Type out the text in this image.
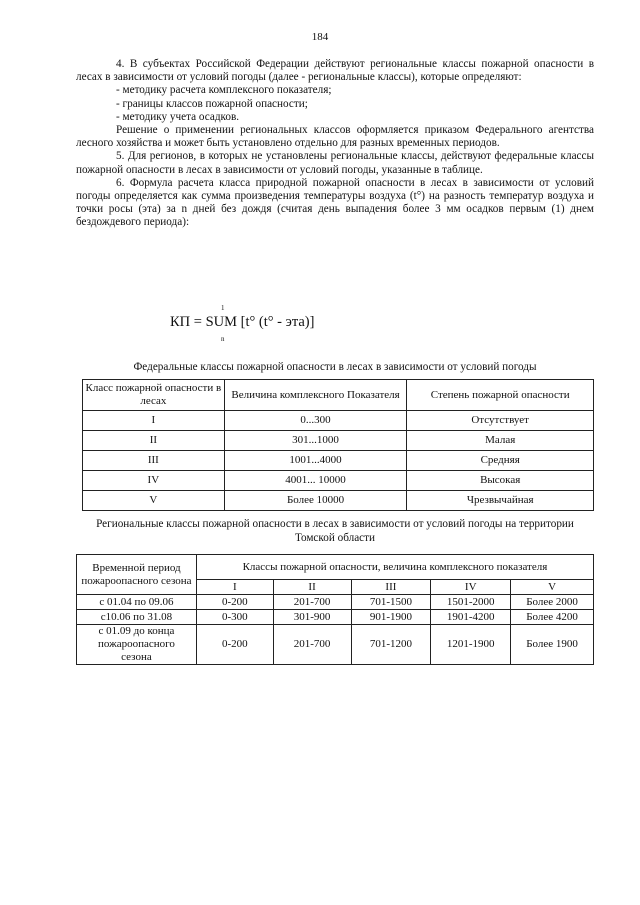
184

4. В субъектах Российской Федерации действуют региональные классы пожарной опасности в лесах в зависимости от условий погоды (далее - региональные классы), которые определяют:

- методику расчета комплексного показателя;

- границы классов пожарной опасности;

- методику учета осадков.

Решение о применении региональных классов оформляется приказом Федерального агентства лесного хозяйства и может быть установлено отдельно для разных временных периодов.

5. Для регионов, в которых не установлены региональные классы, действуют федеральные классы пожарной опасности в лесах в зависимости от условий погоды, указанные в таблице.

6. Формула расчета класса природной пожарной опасности в лесах в зависимости от условий погоды определяется как сумма произведения температуры воздуха (t°) на разность температур воздуха и точки росы (эта) за n дней без дождя (считая день выпадения более 3 мм осадков первым (1) днем бездождевого периода):

1
КП = SUM [t° (t° - эта)]
n
Федеральные классы пожарной опасности в лесах в зависимости от условий погоды
Класс пожарной опасности в лесах	Величина комплексного Показателя	Степень пожарной опасности
I	0...300	Отсутствует
II	301...1000	Малая
III	1001...4000	Средняя
IV	4001... 10000	Высокая
V	Более 10000	Чрезвычайная
Региональные классы пожарной опасности в лесах в зависимости от условий погоды на территории Томской области
Временной период пожароопасного сезона	Классы пожарной опасности, величина комплексного показателя				
	I	II	III	IV	V
с 01.04 по 09.06	0-200	201-700	701-1500	1501-2000	Более 2000
с10.06 по 31.08	0-300	301-900	901-1900	1901-4200	Более 4200
с 01.09 до конца пожароопасного сезона	0-200	201-700	701-1200	1201-1900	Более 1900
